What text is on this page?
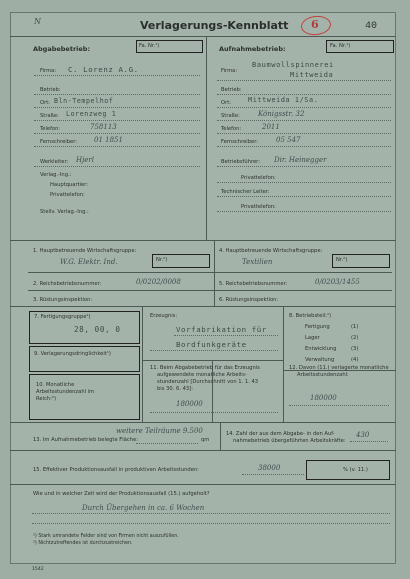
N	Verlagerungs-Kennblatt 6	40
Abgabebetrieb:	Fa. Nr.¹)	Aufnahmebetrieb:	Fa. Nr.¹)
Firma: C. Lorenz A.G.
Betrieb:
Ort: Bln-Tempelhof
Straße: Lorenzweg 1
Telefon:	758113
Fernschreiber: 01 1851
Werkleiter: Hjerl
Verlag.-Ing.:
Hauptquartier:
Privattelefon:
Stellv. Verlag.-Ing.:
Firma:
Baumwollspinnerei
Mittweida
Betrieb:
Ort:	Mittweida 1/Sa.
Straße:	Königsstr. 32
Telefon:	2011
Fernschreiber:	05 547
Betriebsführer: Dir. Heinegger
Privattelefon:
Technischer Leiter:
Privattelefon:
1. Hauptbetreuende Wirtschaftsgruppe:
W.G. Elektr. Ind.	Nr.²)
4. Hauptbetreuende Wirtschaftsgruppe:
Textilien	Nr.²)
2. Reichsbetriebsnummer:	0/0202/0008	5. Reichsbetriebsnummer:	0/0203/1455
3. Rüstungsinspektion:	6. Rüstungsinspektion:
7. Fertigungsgruppe²)
28, 00, 0
Erzeugnis:
Vorfabrikation für
Bordfunkgeräte
8. Betriebsteil:¹)
Fertigung	(1)
Lager	(2)
Entwicklung	(3)
Verwaltung	(4)
9. Verlagerungsdringlichkeit¹)
10. Monatliche
Arbeitsstundenzahl im
Reich:²)
11. Beim Abgabebetrieb für das Erzeugnis
aufgewendete monatliche Arbeits-
stundenzahl [Durchschnitt von 1. 1. 43
bis 30. 6. 43]:
180000
12. Davon (11.) verlagerte monatliche
Arbeitsstundenzahl:
180000
weitere Teilräume 9.500
13. Im Aufnahmebetrieb belegte Fläche:	qm
14. Zahl der aus dem Abgabe- in den Auf-
nahmebetrieb übergeführten Arbeitskräfte:
430
15. Effektiver Produktionsausfall in produktiven Arbeitsstunden:	38000	% (v. 11.)
Wie und in welcher Zeit wird der Produktionsausfall (15.) aufgeholt?
Durch Übergehen in ca. 6 Wochen
¹) Stark umrandete Felder sind von Firmen nicht auszufüllen.
²) Nichtzutreffendes ist durchzustreichen.
1542
